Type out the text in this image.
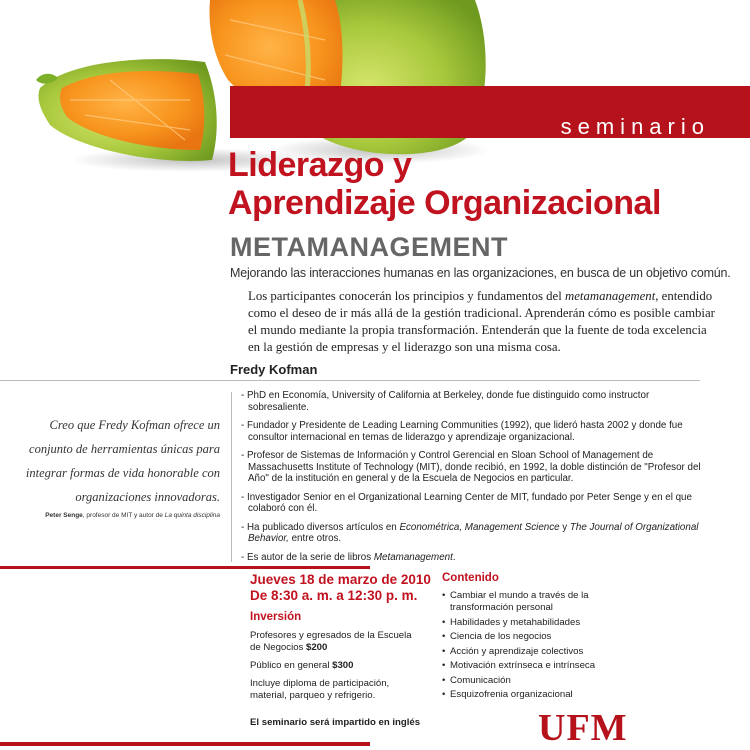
seminario
Liderazgo y
Aprendizaje Organizacional
METAMANAGEMENT
Mejorando las interacciones humanas en las organizaciones, en busca de un objetivo común.
Los participantes conocerán los principios y fundamentos del metamanagement, entendido como el deseo de ir más allá de la gestión tradicional. Aprenderán cómo es posible cambiar el mundo mediante la propia transformación. Entenderán que la fuente de toda excelencia en la gestión de empresas y el liderazgo son una misma cosa.
Fredy Kofman
Creo que Fredy Kofman ofrece un conjunto de herramientas únicas para integrar formas de vida honorable con organizaciones innovadoras.
Peter Senge, profesor de MIT y autor de La quinta disciplina
- PhD en Economía, University of California at Berkeley, donde fue distinguido como instructor sobresaliente.
- Fundador y Presidente de Leading Learning Communities (1992), que lideró hasta 2002 y donde fue consultor internacional en temas de liderazgo y aprendizaje organizacional.
- Profesor de Sistemas de Información y Control Gerencial en Sloan School of Management de Massachusetts Institute of Technology (MIT), donde recibió, en 1992, la doble distinción de "Profesor del Año" de la institución en general y de la Escuela de Negocios en particular.
- Investigador Senior en el Organizational Learning Center de MIT, fundado por Peter Senge y en el que colaboró con él.
- Ha publicado diversos artículos en Econométrica, Management Science y The Journal of Organizational Behavior, entre otros.
- Es autor de la serie de libros Metamanagement.
Jueves 18 de marzo de 2010
De 8:30 a. m. a 12:30 p. m.
Inversión

Profesores y egresados de la Escuela de Negocios $200

Público en general $300

Incluye diploma de participación, material, parqueo y refrigerio.

El seminario será impartido en inglés
Contenido
• Cambiar el mundo a través de la transformación personal
• Habilidades y metahabilidades
• Ciencia de los negocios
• Acción y aprendizaje colectivos
• Motivación extrínseca e intrínseca
• Comunicación
• Esquizofrenia organizacional
UFM
